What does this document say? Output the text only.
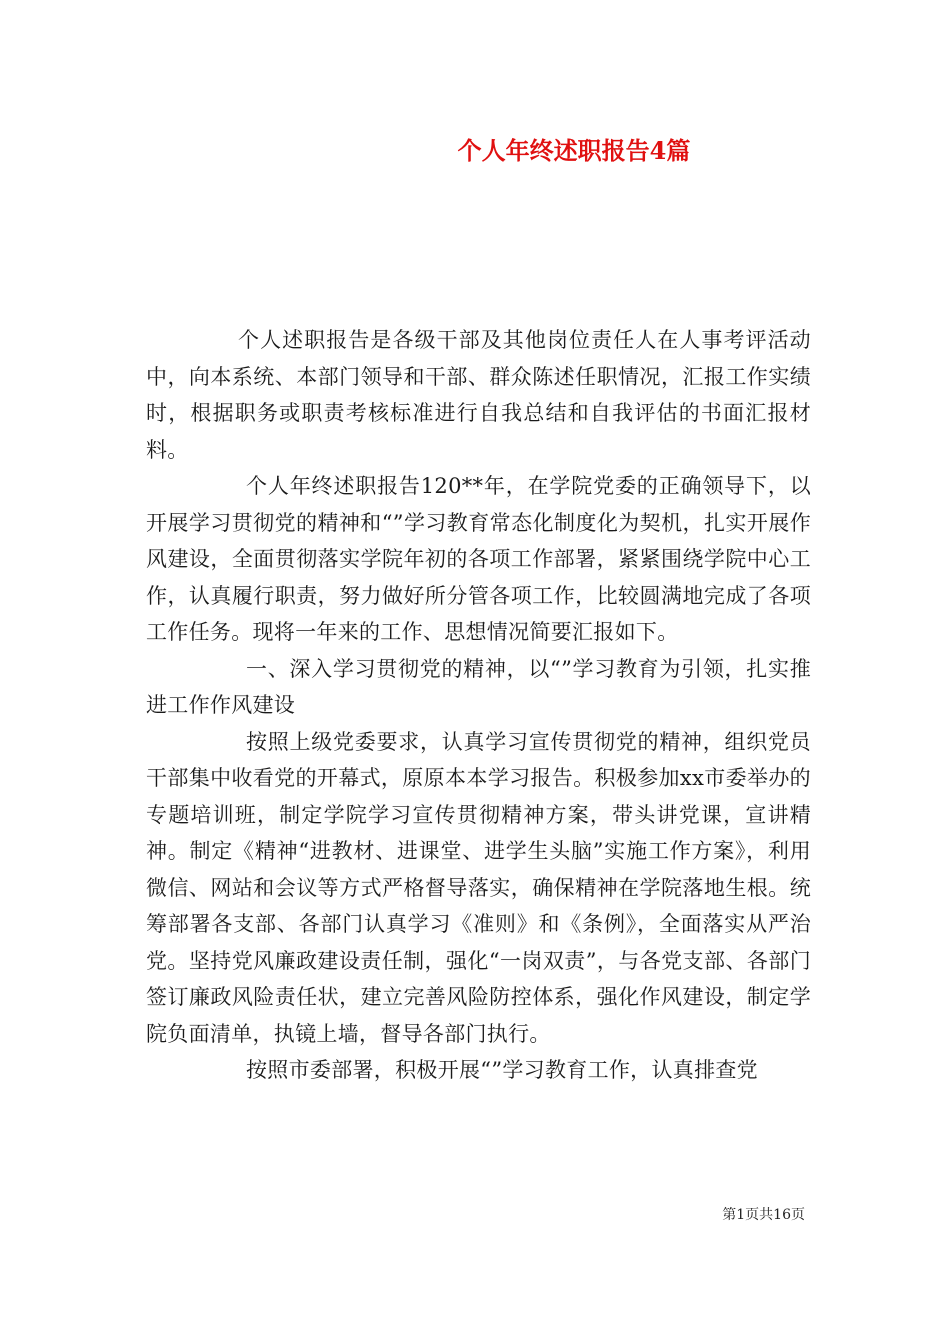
个人年终述职报告4篇

个人述职报告是各级干部及其他岗位责任人在人事考评活动中，向本系统、本部门领导和干部、群众陈述任职情况，汇报工作实绩时，根据职务或职责考核标准进行自我总结和自我评估的书面汇报材料。

个人年终述职报告120**年，在学院党委的正确领导下，以开展学习贯彻党的精神和“”学习教育常态化制度化为契机，扎实开展作风建设，全面贯彻落实学院年初的各项工作部署，紧紧围绕学院中心工作，认真履行职责，努力做好所分管各项工作，比较圆满地完成了各项工作任务。现将一年来的工作、思想情况简要汇报如下。

一、深入学习贯彻党的精神，以“”学习教育为引领，扎实推进工作作风建设

按照上级党委要求，认真学习宣传贯彻党的精神，组织党员干部集中收看党的开幕式，原原本本学习报告。积极参加xx市委举办的专题培训班，制定学院学习宣传贯彻精神方案，带头讲党课，宣讲精神。制定《精神“进教材、进课堂、进学生头脑”实施工作方案》，利用微信、网站和会议等方式严格督导落实，确保精神在学院落地生根。统筹部署各支部、各部门认真学习《准则》和《条例》，全面落实从严治党。坚持党风廉政建设责任制，强化“一岗双责”，与各党支部、各部门签订廉政风险责任状，建立完善风险防控体系，强化作风建设，制定学院负面清单，执镜上墙，督导各部门执行。

按照市委部署，积极开展“”学习教育工作，认真排查党

第1页共16页
